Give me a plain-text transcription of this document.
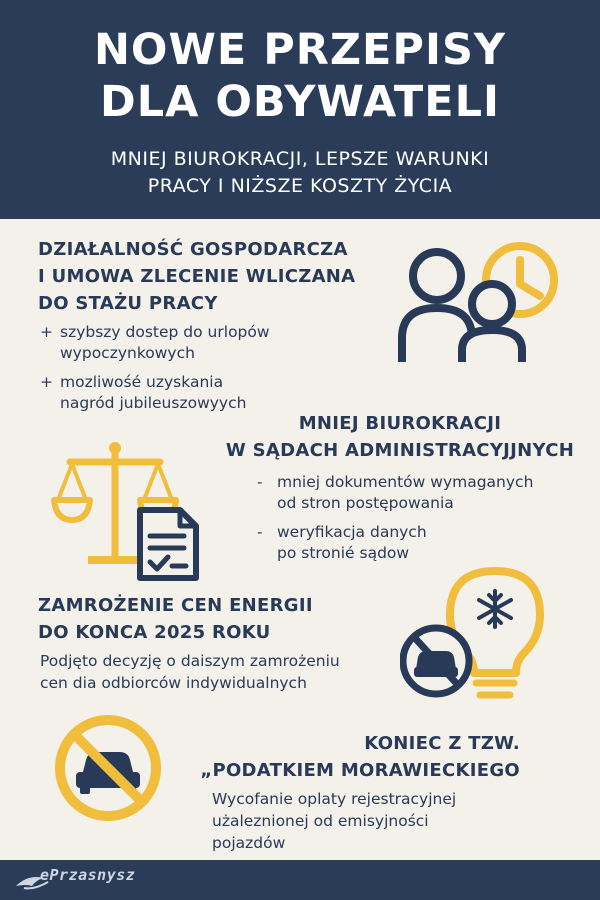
NOWE PRZEPISY
DLA OBYWATELI
MNIEJ BIUROKRACJI, LEPSZE WARUNKI
PRACY I NIŻSZE KOSZTY ŻYCIA
DZIAŁALNOŚĆ GOSPODARCZA
I UMOWA ZLECENIE WLICZANA
DO STAŻU PRACY
+ szybszy dostep do urlopów
wypoczynkowych
+ mozliwośé uzyskania
nagród jubileuszowyych
MNIEJ BIUROKRACJI
W SĄDACH ADMINISTRACYJJNYCH
- mniej dokumentów wymaganych
od stron postępowania
- weryfikacja danych
po stronié sądow
ZAMROŻENIE CEN ENERGII
DO KONCA 2025 ROKU
Podjęto decyzję o daiszym zamrożeniu
cen dia odbiorców indywidualnych
KONIEC Z TZW.
„PODATKIEM MORAWIECKIEGO
Wycofanie oplaty rejestracyjnej
użaleznionej od emisyjności
pojazdów
ePrzasnysz
